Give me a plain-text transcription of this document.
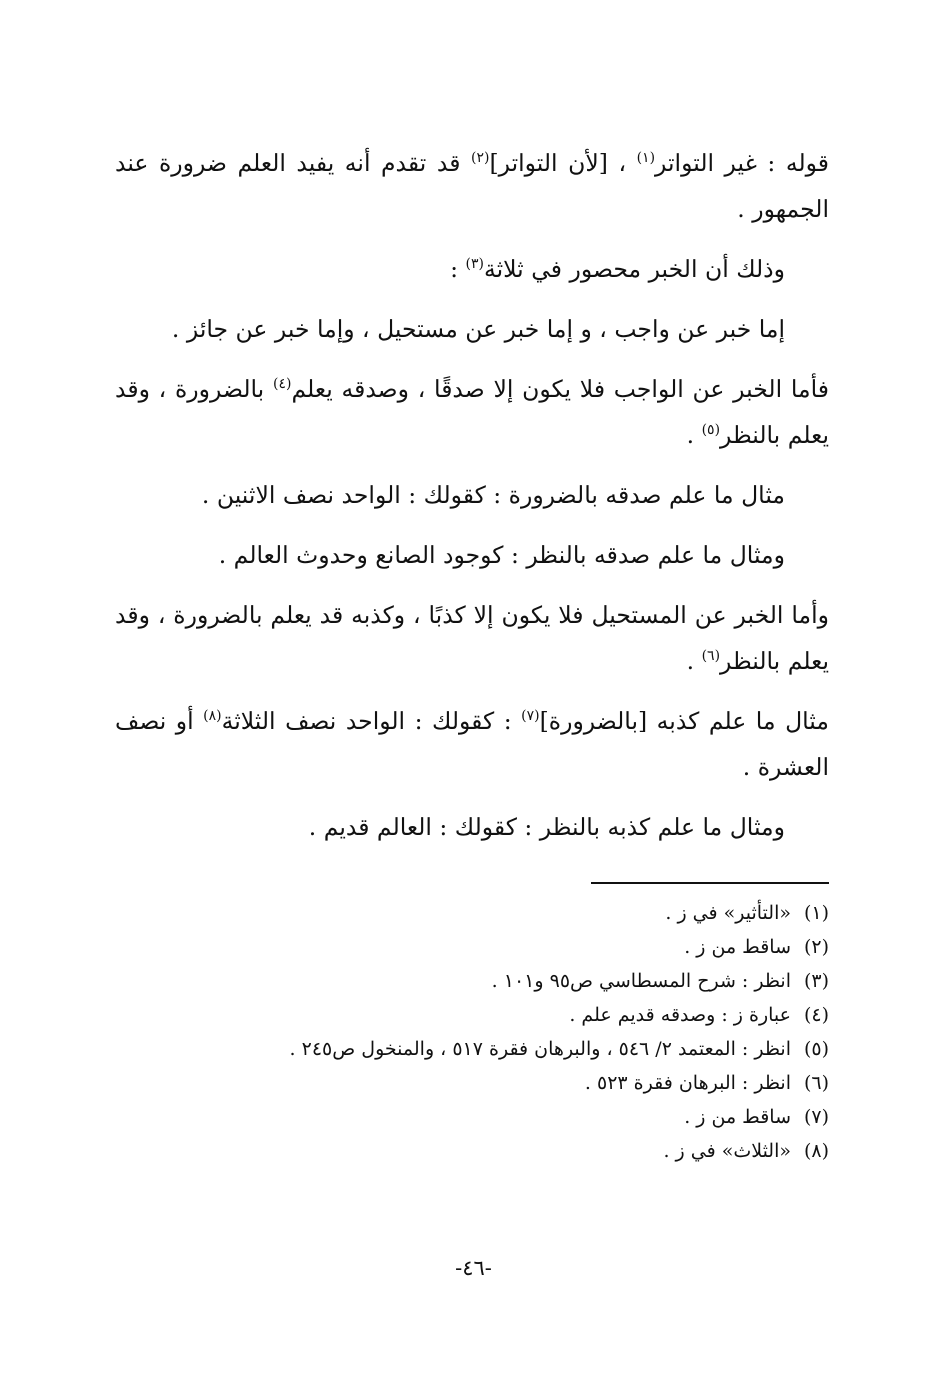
قوله : غير التواتر$^{(١)}$ ، [لأن التواتر]$^{(٢)}$ قد تقدم أنه يفيد العلم ضرورة عند الجمهور .

وذلك أن الخبر محصور في ثلاثة$^{(٣)}$ :

إما خبر عن واجب ، و إما خبر عن مستحيل ، وإما خبر عن جائز .

فأما الخبر عن الواجب فلا يكون إلا صدقًا ، وصدقه يعلم$^{(٤)}$ بالضرورة ، وقد يعلم بالنظر$^{(٥)}$ .

مثال ما علم صدقه بالضرورة : كقولك : الواحد نصف الاثنين .

ومثال ما علم صدقه بالنظر : كوجود الصانع وحدوث العالم .

وأما الخبر عن المستحيل فلا يكون إلا كذبًا ، وكذبه قد يعلم بالضرورة ، وقد يعلم بالنظر$^{(٦)}$ .

مثال ما علم كذبه [بالضرورة]$^{(٧)}$ : كقولك : الواحد نصف الثلاثة$^{(٨)}$ أو نصف العشرة .

ومثال ما علم كذبه بالنظر : كقولك : العالم قديم .

(١)«التأثير» في ز .

(٢)ساقط من ز .

(٣)انظر : شرح المسطاسي ص٩٥ و١٠١ .

(٤)عبارة ز : وصدقه قديم علم .

(٥)انظر : المعتمد ٢/ ٥٤٦ ، والبرهان فقرة ٥١٧ ، والمنخول ص٢٤٥ .

(٦)انظر : البرهان فقرة ٥٢٣ .

(٧)ساقط من ز .

(٨)«الثلاث» في ز .

-٤٦-
